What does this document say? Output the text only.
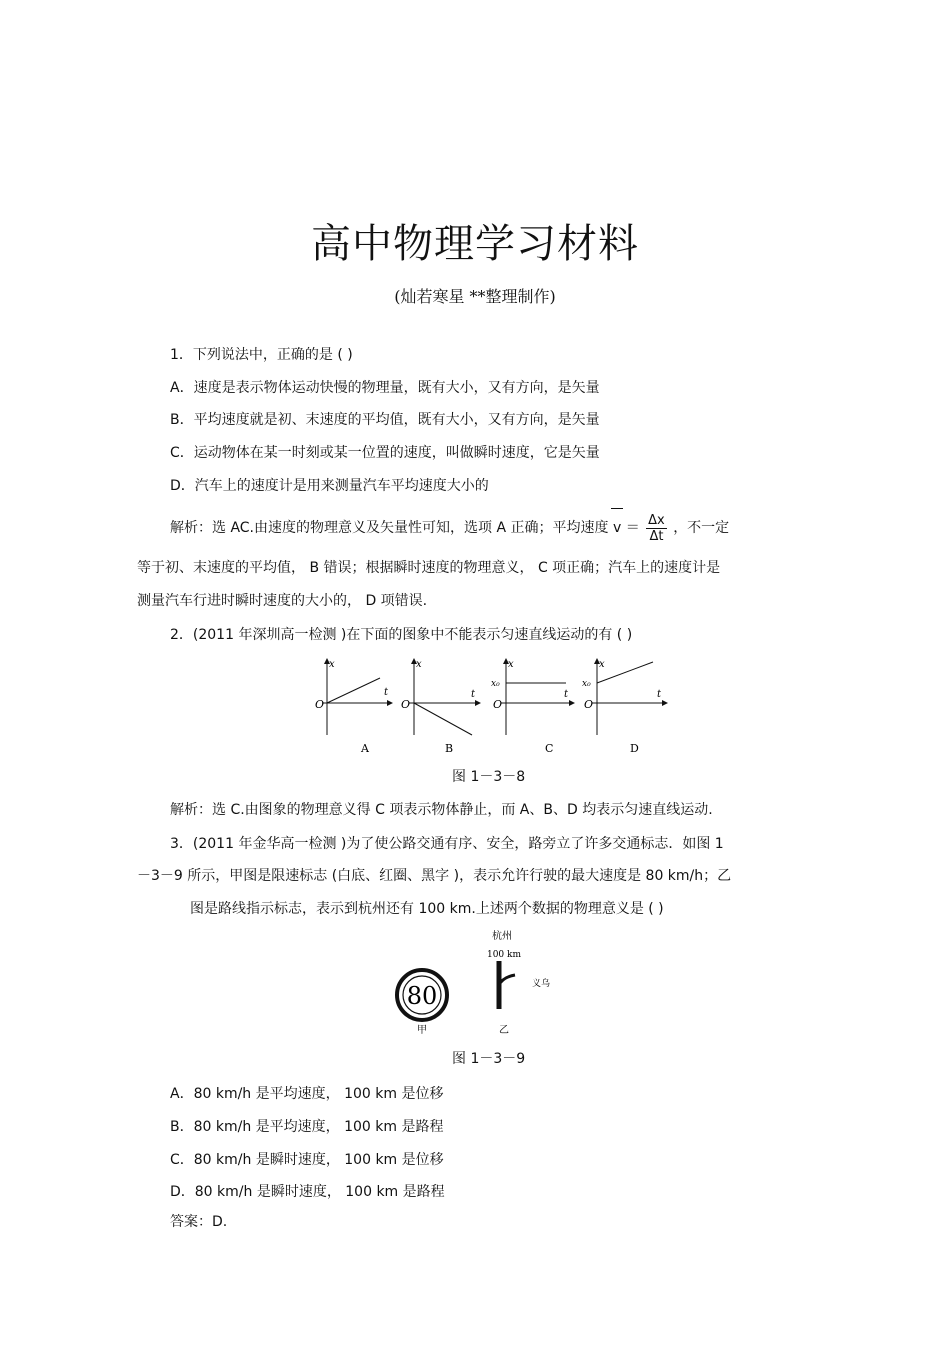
高中物理学习材料
(灿若寒星 **整理制作)
1．下列说法中，正确的是 ( )
A．速度是表示物体运动快慢的物理量，既有大小，又有方向，是矢量
B．平均速度就是初、末速度的平均值，既有大小，又有方向，是矢量
C．运动物体在某一时刻或某一位置的速度，叫做瞬时速度，它是矢量
D．汽车上的速度计是用来测量汽车平均速度大小的
解析：选 AC.由速度的物理意义及矢量性可知，选项 A 正确；平均速度 $v = \frac{\Delta x}{\Delta t}$ ，不一定
等于初、末速度的平均值， B 错误；根据瞬时速度的物理意义， C 项正确；汽车上的速度计是
测量汽车行进时瞬时速度的大小的， D 项错误.
2．(2011 年深圳高一检测 )在下面的图象中不能表示匀速直线运动的有 ( )
x
O
t
A
x
O
t
B
x
x₀
O
t
C
x
x₀
O
t
D
图 1－3－8
解析：选 C.由图象的物理意义得 C 项表示物体静止，而 A、B、D 均表示匀速直线运动.
3．(2011 年金华高一检测 )为了使公路交通有序、安全，路旁立了许多交通标志．如图 1
－3－9 所示，甲图是限速标志 (白底、红圈、黑字 )，表示允许行驶的最大速度是 80 km/h；乙
图是路线指示标志，表示到杭州还有 100 km.上述两个数据的物理意义是 ( )
80
甲
杭州
100 km
义乌
乙
图 1－3－9
A．80 km/h 是平均速度， 100 km 是位移
B．80 km/h 是平均速度， 100 km 是路程
C．80 km/h 是瞬时速度， 100 km 是位移
D．80 km/h 是瞬时速度， 100 km 是路程
答案：D.
